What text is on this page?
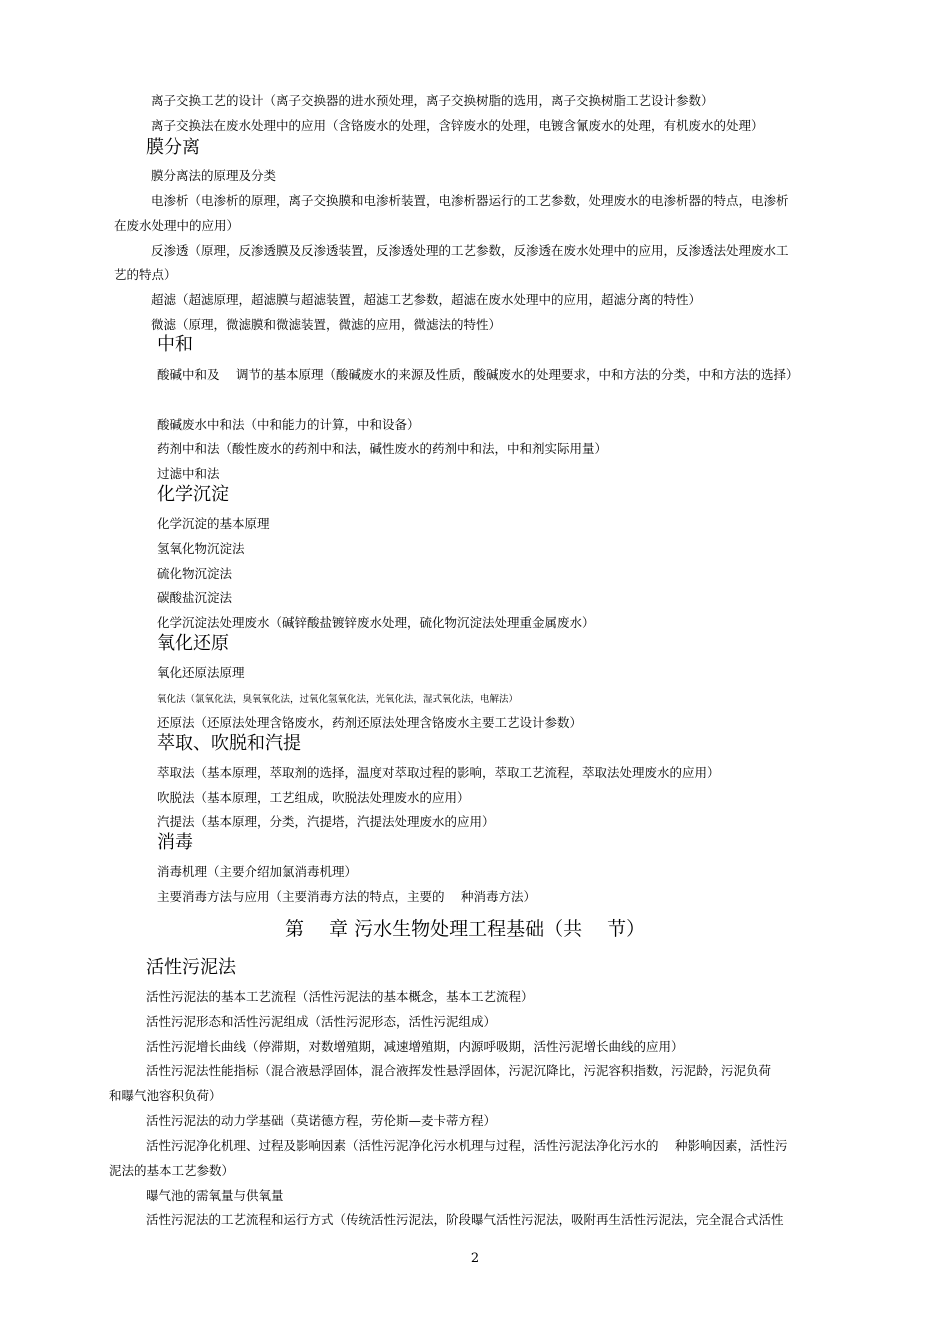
离子交换工艺的设计（离子交换器的进水预处理，离子交换树脂的选用，离子交换树脂工艺设计参数）
离子交换法在废水处理中的应用（含铬废水的处理，含锌废水的处理，电镀含氰废水的处理，有机废水的处理）
膜分离
膜分离法的原理及分类
电渗析（电渗析的原理，离子交换膜和电渗析装置，电渗析器运行的工艺参数，处理废水的电渗析器的特点，电渗析
在废水处理中的应用）
反渗透（原理，反渗透膜及反渗透装置，反渗透处理的工艺参数，反渗透在废水处理中的应用，反渗透法处理废水工
艺的特点）
超滤（超滤原理，超滤膜与超滤装置，超滤工艺参数，超滤在废水处理中的应用，超滤分离的特性）
微滤（原理，微滤膜和微滤装置，微滤的应用，微滤法的特性）
中和
酸碱中和及　 调节的基本原理（酸碱废水的来源及性质，酸碱废水的处理要求，中和方法的分类，中和方法的选择）
酸碱废水中和法（中和能力的计算，中和设备）
药剂中和法（酸性废水的药剂中和法，碱性废水的药剂中和法，中和剂实际用量）
过滤中和法
化学沉淀
化学沉淀的基本原理
氢氧化物沉淀法
硫化物沉淀法
碳酸盐沉淀法
化学沉淀法处理废水（碱锌酸盐镀锌废水处理，硫化物沉淀法处理重金属废水）
氧化还原
氧化还原法原理
氧化法（氯氧化法，臭氧氧化法，过氧化氢氧化法，光氧化法，湿式氧化法，电解法）
还原法（还原法处理含铬废水，药剂还原法处理含铬废水主要工艺设计参数）
萃取、吹脱和汽提
萃取法（基本原理，萃取剂的选择，温度对萃取过程的影响，萃取工艺流程，萃取法处理废水的应用）
吹脱法（基本原理，工艺组成，吹脱法处理废水的应用）
汽提法（基本原理，分类，汽提塔，汽提法处理废水的应用）
消毒
消毒机理（主要介绍加氯消毒机理）
主要消毒方法与应用（主要消毒方法的特点，主要的　 种消毒方法）
第　 章 污水生物处理工程基础（共　 节）
活性污泥法
活性污泥法的基本工艺流程（活性污泥法的基本概念，基本工艺流程）
活性污泥形态和活性污泥组成（活性污泥形态，活性污泥组成）
活性污泥增长曲线（停滞期，对数增殖期，减速增殖期，内源呼吸期，活性污泥增长曲线的应用）
活性污泥法性能指标（混合液悬浮固体，混合液挥发性悬浮固体，污泥沉降比，污泥容积指数，污泥龄，污泥负荷
和曝气池容积负荷）
活性污泥法的动力学基础（莫诺德方程，劳伦斯—麦卡蒂方程）
活性污泥净化机理、过程及影响因素（活性污泥净化污水机理与过程，活性污泥法净化污水的　 种影响因素，活性污
泥法的基本工艺参数）
曝气池的需氧量与供氧量
活性污泥法的工艺流程和运行方式（传统活性污泥法，阶段曝气活性污泥法，吸附再生活性污泥法，完全混合式活性
2
